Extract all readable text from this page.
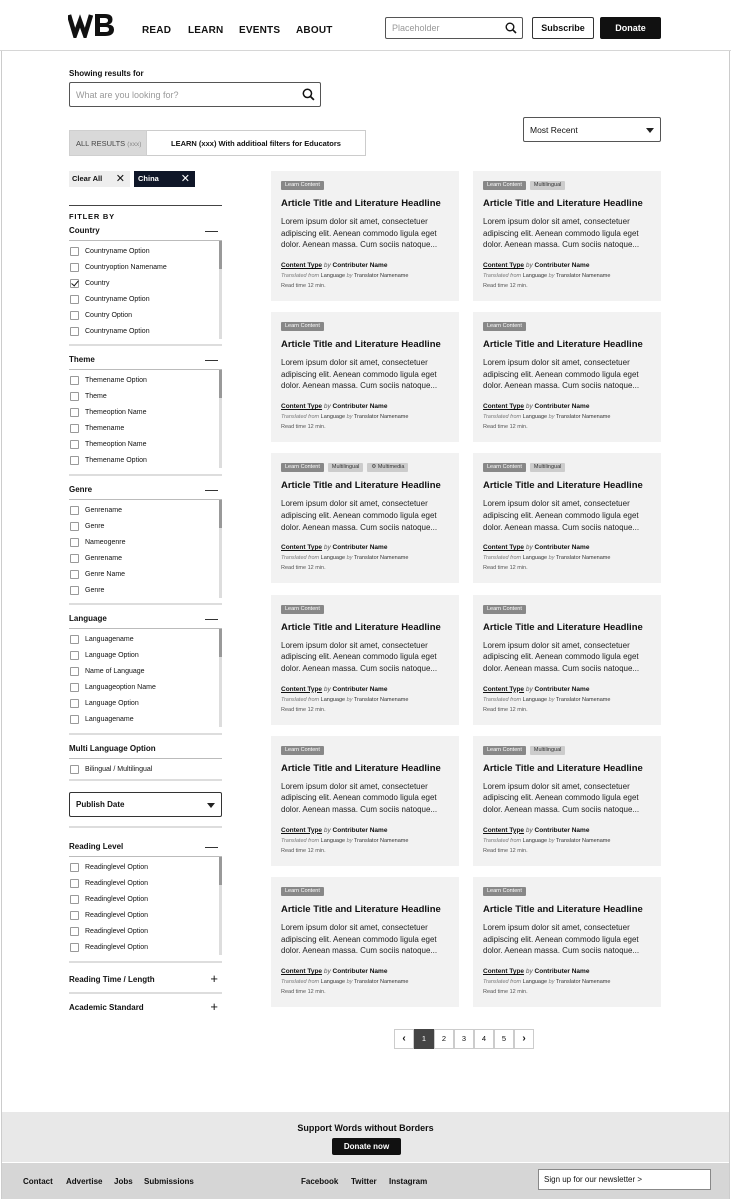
READ LEARN EVENTS ABOUT	Placeholder	Subscribe	Donate
Showing results for
What are you looking for?
ALL RESULTS (xxx)	LEARN (xxx) With additioal filters for Educators
Most Recent
Clear All ✕	China ✕
FITLER BY
Country	—
Countryname Option
Countryoption Namename
Country
Countryname Option
Country Option
Countryname Option
Theme	—
Themename Option
Theme
Themeoption Name
Themename
Themeoption Name
Themename Option
Genre	—
Genrename
Genre
Nameogenre
Genrename
Genre Name
Genre
Language	—
Languagename
Language Option
Name of Language
Languageoption Name
Language Option
Languagename
Multi Language Option
Bilingual / Multilingual
Publish Date
Reading Level	—
Readinglevel Option
Readinglevel Option
Readinglevel Option
Readinglevel Option
Readinglevel Option
Readinglevel Option
Reading Time / Length	+
Academic Standard	+
Learn Content
Article Title and Literature Headline
Lorem ipsum dolor sit amet, consectetuer adipiscing elit. Aenean commodo ligula eget dolor. Aenean massa. Cum sociis natoque...
Content Type by Contributer Name
Translated from Language by Translator Namename
Read time 12 min.
Learn Content	Multilingual
Article Title and Literature Headline
Lorem ipsum dolor sit amet, consectetuer adipiscing elit. Aenean commodo ligula eget dolor. Aenean massa. Cum sociis natoque...
Content Type by Contributer Name
Translated from Language by Translator Namename
Read time 12 min.
Learn Content
Article Title and Literature Headline
Lorem ipsum dolor sit amet, consectetuer adipiscing elit. Aenean commodo ligula eget dolor. Aenean massa. Cum sociis natoque...
Content Type by Contributer Name
Translated from Language by Translator Namename
Read time 12 min.
Learn Content
Article Title and Literature Headline
Lorem ipsum dolor sit amet, consectetuer adipiscing elit. Aenean commodo ligula eget dolor. Aenean massa. Cum sociis natoque...
Content Type by Contributer Name
Translated from Language by Translator Namename
Read time 12 min.
Learn Content	Multilingual	⚙ Multimedia
Article Title and Literature Headline
Lorem ipsum dolor sit amet, consectetuer adipiscing elit. Aenean commodo ligula eget dolor. Aenean massa. Cum sociis natoque...
Content Type by Contributer Name
Translated from Language by Translator Namename
Read time 12 min.
Learn Content	Multilingual
Article Title and Literature Headline
Lorem ipsum dolor sit amet, consectetuer adipiscing elit. Aenean commodo ligula eget dolor. Aenean massa. Cum sociis natoque...
Content Type by Contributer Name
Translated from Language by Translator Namename
Read time 12 min.
Learn Content
Article Title and Literature Headline
Lorem ipsum dolor sit amet, consectetuer adipiscing elit. Aenean commodo ligula eget dolor. Aenean massa. Cum sociis natoque...
Content Type by Contributer Name
Translated from Language by Translator Namename
Read time 12 min.
Learn Content
Article Title and Literature Headline
Lorem ipsum dolor sit amet, consectetuer adipiscing elit. Aenean commodo ligula eget dolor. Aenean massa. Cum sociis natoque...
Content Type by Contributer Name
Translated from Language by Translator Namename
Read time 12 min.
Learn Content
Article Title and Literature Headline
Lorem ipsum dolor sit amet, consectetuer adipiscing elit. Aenean commodo ligula eget dolor. Aenean massa. Cum sociis natoque...
Content Type by Contributer Name
Translated from Language by Translator Namename
Read time 12 min.
Learn Content	Multilingual
Article Title and Literature Headline
Lorem ipsum dolor sit amet, consectetuer adipiscing elit. Aenean commodo ligula eget dolor. Aenean massa. Cum sociis natoque...
Content Type by Contributer Name
Translated from Language by Translator Namename
Read time 12 min.
Learn Content
Article Title and Literature Headline
Lorem ipsum dolor sit amet, consectetuer adipiscing elit. Aenean commodo ligula eget dolor. Aenean massa. Cum sociis natoque...
Content Type by Contributer Name
Translated from Language by Translator Namename
Read time 12 min.
Learn Content
Article Title and Literature Headline
Lorem ipsum dolor sit amet, consectetuer adipiscing elit. Aenean commodo ligula eget dolor. Aenean massa. Cum sociis natoque...
Content Type by Contributer Name
Translated from Language by Translator Namename
Read time 12 min.
‹	1	2	3	4	5	›
Support Words without Borders
Donate now
Contact Advertise Jobs Submissions	Facebook Twitter Instagram	Sign up for our newsletter >
